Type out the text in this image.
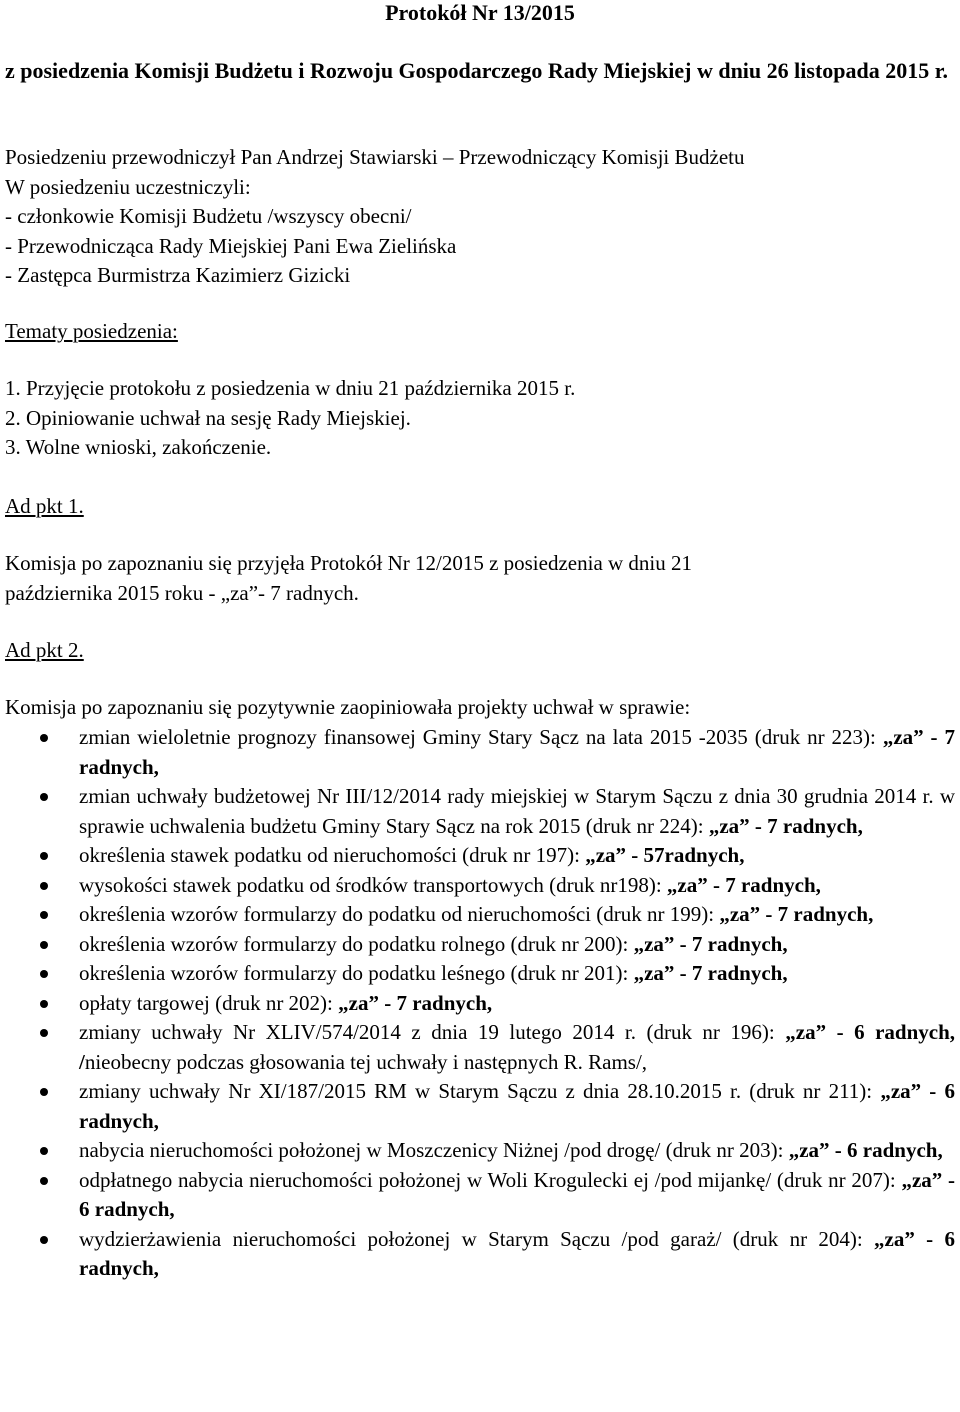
Protokół Nr 13/2015
z posiedzenia Komisji Budżetu i Rozwoju Gospodarczego Rady Miejskiej w dniu 26 listopada 2015 r.
Posiedzeniu przewodniczył Pan Andrzej Stawiarski – Przewodniczący Komisji Budżetu
W posiedzeniu uczestniczyli:
- członkowie Komisji Budżetu /wszyscy obecni/
- Przewodnicząca Rady Miejskiej Pani Ewa Zielińska
- Zastępca Burmistrza Kazimierz Gizicki
Tematy posiedzenia:
1. Przyjęcie protokołu z posiedzenia w dniu 21 października 2015 r.
2. Opiniowanie uchwał na sesję Rady Miejskiej.
3. Wolne wnioski, zakończenie.
Ad pkt 1.
Komisja po zapoznaniu się przyjęła Protokół Nr 12/2015 z posiedzenia w dniu 21
października 2015 roku - „za”- 7 radnych.
Ad pkt 2.
Komisja po zapoznaniu się pozytywnie zaopiniowała projekty uchwał w sprawie:
zmian wieloletnie prognozy finansowej Gminy Stary Sącz na lata 2015 -2035 (druk nr 223): „za” - 7 radnych,
zmian uchwały budżetowej Nr III/12/2014 rady miejskiej w Starym Sączu z dnia 30 grudnia 2014 r. w sprawie uchwalenia budżetu Gminy Stary Sącz na rok 2015 (druk nr 224): „za” - 7 radnych,
określenia stawek podatku od nieruchomości (druk nr 197): „za” - 57radnych,
wysokości stawek podatku od środków transportowych (druk nr198): „za” - 7 radnych,
określenia wzorów formularzy do podatku od nieruchomości (druk nr 199): „za” - 7 radnych,
określenia wzorów formularzy do podatku rolnego (druk nr 200): „za” - 7 radnych,
określenia wzorów formularzy do podatku leśnego (druk nr 201): „za” - 7 radnych,
opłaty targowej (druk nr 202): „za” - 7 radnych,
zmiany uchwały Nr XLIV/574/2014 z dnia 19 lutego 2014 r. (druk nr 196): „za” - 6 radnych, /nieobecny podczas głosowania tej uchwały i następnych R. Rams/,
zmiany uchwały Nr XI/187/2015 RM w Starym Sączu z dnia 28.10.2015 r. (druk nr 211): „za” - 6 radnych,
nabycia nieruchomości położonej w Moszczenicy Niżnej /pod drogę/ (druk nr 203): „za” - 6 radnych,
odpłatnego nabycia nieruchomości położonej w Woli Krogulecki ej /pod mijankę/ (druk nr 207): „za” - 6 radnych,
wydzierżawienia nieruchomości położonej w Starym Sączu /pod garaż/ (druk nr 204): „za” - 6 radnych,
